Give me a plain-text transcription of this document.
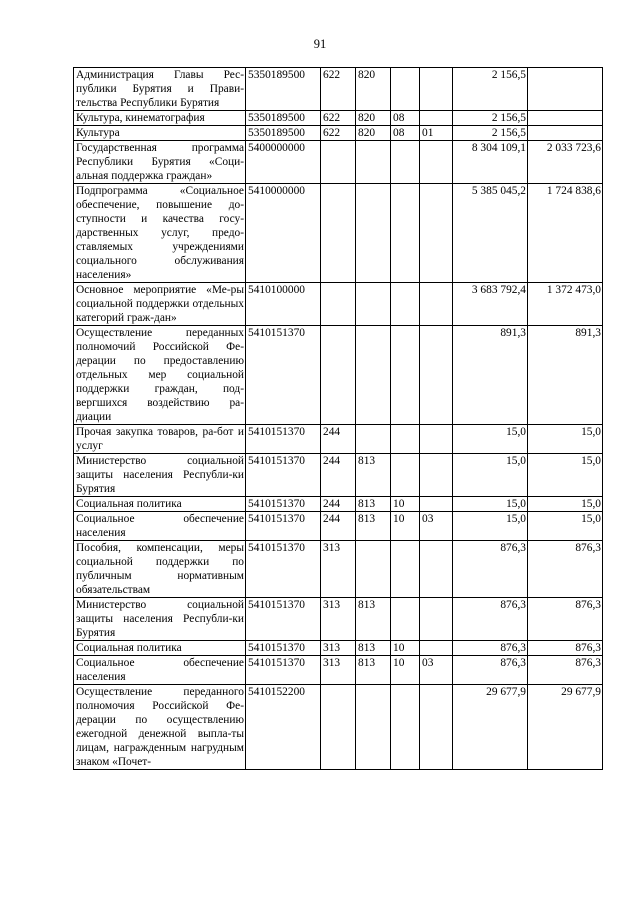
91
Администрация Главы Рес-публики Бурятия и Прави-тельства Республики Бурятия	5350189500	622	820			2 156,5	
Культура, кинематография	5350189500	622	820	08		2 156,5	
Культура	5350189500	622	820	08	01	2 156,5	
Государственная программа Республики Бурятия «Соци-альная поддержка граждан»	5400000000					8 304 109,1	2 033 723,6
Подпрограмма «Социальное обеспечение, повышение до-ступности и качества госу-дарственных услуг, предо-ставляемых учреждениями социального обслуживания населения»	5410000000					5 385 045,2	1 724 838,6
Основное мероприятие «Ме-ры социальной поддержки отдельных категорий граж-дан»	5410100000					3 683 792,4	1 372 473,0
Осуществление переданных полномочий Российской Фе-дерации по предоставлению отдельных мер социальной поддержки граждан, под-вергшихся воздействию ра-диации	5410151370					891,3	891,3
Прочая закупка товаров, ра-бот и услуг	5410151370	244				15,0	15,0
Министерство социальной защиты населения Республи-ки Бурятия	5410151370	244	813			15,0	15,0
Социальная политика	5410151370	244	813	10		15,0	15,0
Социальное обеспечение населения	5410151370	244	813	10	03	15,0	15,0
Пособия, компенсации, меры социальной поддержки по публичным нормативным обязательствам	5410151370	313				876,3	876,3
Министерство социальной защиты населения Республи-ки Бурятия	5410151370	313	813			876,3	876,3
Социальная политика	5410151370	313	813	10		876,3	876,3
Социальное обеспечение населения	5410151370	313	813	10	03	876,3	876,3
Осуществление переданного полномочия Российской Фе-дерации по осуществлению ежегодной денежной выпла-ты лицам, награжденным нагрудным знаком «Почет-	5410152200					29 677,9	29 677,9
